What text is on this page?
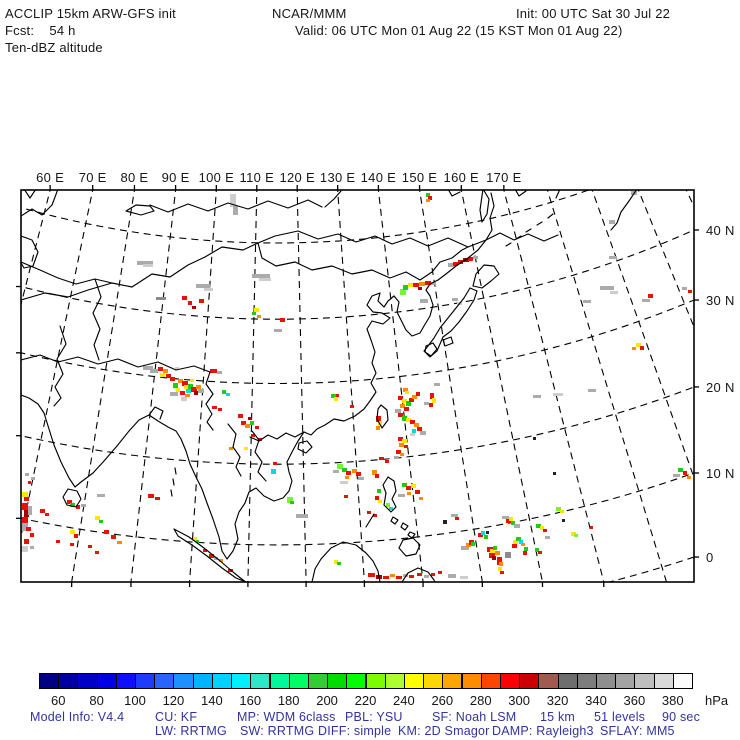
ACCLIP 15km ARW-GFS init
Fcst:    54 h
Ten-dBZ altitude
NCAR/MMM
Valid: 06 UTC Mon 01 Aug 22 (15 KST Mon 01 Aug 22)
Init: 00 UTC Sat 30 Jul 22
60 E	70 E	80 E	90 E 100 E 110 E 120 E 130 E 140 E 150 E 160 E 170 E
40 N
30 N
20 N
10 N
0
60	80	100	120	140	160	180	200	220	240	260	280	300	320	340	360	380	hPa
Model Info: V4.4 CU: KF	MP: WDM 6class PBL: YSU SF: Noah LSM 15 km 51 levels 90 sec
LW: RRTMG SW: RRTMG DIFF: simple KM: 2D Smagor DAMP: Rayleigh3 SFLAY: MM5
